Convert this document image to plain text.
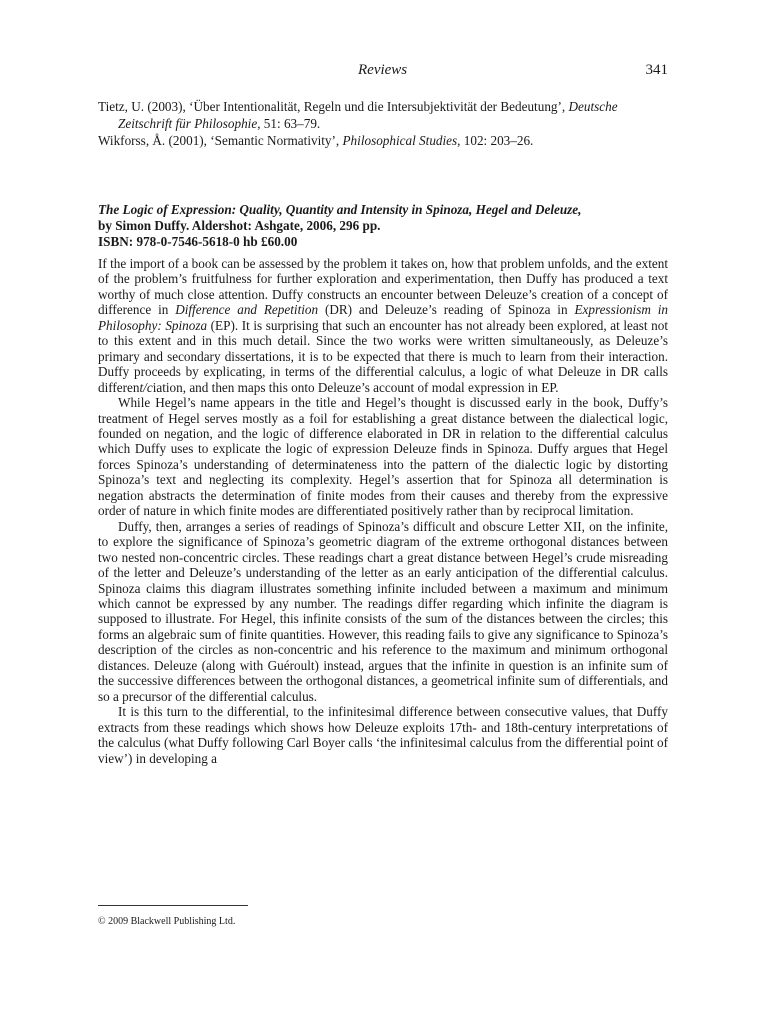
Reviews	341

Tietz, U. (2003), ‘Über Intentionalität, Regeln und die Intersubjektivität der Bedeutung’, Deutsche Zeitschrift für Philosophie, 51: 63–79.

Wikforss, Å. (2001), ‘Semantic Normativity’, Philosophical Studies, 102: 203–26.

The Logic of Expression: Quality, Quantity and Intensity in Spinoza, Hegel and Deleuze,
by Simon Duffy. Aldershot: Ashgate, 2006, 296 pp.
ISBN: 978-0-7546-5618-0 hb £60.00

If the import of a book can be assessed by the problem it takes on, how that problem unfolds, and the extent of the problem’s fruitfulness for further exploration and experimentation, then Duffy has produced a text worthy of much close attention. Duffy constructs an encounter between Deleuze’s creation of a concept of difference in Difference and Repetition (DR) and Deleuze’s reading of Spinoza in Expressionism in Philosophy: Spinoza (EP). It is surprising that such an encounter has not already been explored, at least not to this extent and in this much detail. Since the two works were written simultaneously, as Deleuze’s primary and secondary dissertations, it is to be expected that there is much to learn from their interaction. Duffy proceeds by explicating, in terms of the differential calculus, a logic of what Deleuze in DR calls different/ciation, and then maps this onto Deleuze’s account of modal expression in EP.

While Hegel’s name appears in the title and Hegel’s thought is discussed early in the book, Duffy’s treatment of Hegel serves mostly as a foil for establishing a great distance between the dialectical logic, founded on negation, and the logic of difference elaborated in DR in relation to the differential calculus which Duffy uses to explicate the logic of expression Deleuze finds in Spinoza. Duffy argues that Hegel forces Spinoza’s understanding of determinateness into the pattern of the dialectic logic by distorting Spinoza’s text and neglecting its complexity. Hegel’s assertion that for Spinoza all determination is negation abstracts the determination of finite modes from their causes and thereby from the expressive order of nature in which finite modes are differentiated positively rather than by reciprocal limitation.

Duffy, then, arranges a series of readings of Spinoza’s difficult and obscure Letter XII, on the infinite, to explore the significance of Spinoza’s geometric diagram of the extreme orthogonal distances between two nested non-concentric circles. These readings chart a great distance between Hegel’s crude misreading of the letter and Deleuze’s understanding of the letter as an early anticipation of the differential calculus. Spinoza claims this diagram illustrates something infinite included between a maximum and minimum which cannot be expressed by any number. The readings differ regarding which infinite the diagram is supposed to illustrate. For Hegel, this infinite consists of the sum of the distances between the circles; this forms an algebraic sum of finite quantities. However, this reading fails to give any significance to Spinoza’s description of the circles as non-concentric and his reference to the maximum and minimum orthogonal distances. Deleuze (along with Guéroult) instead, argues that the infinite in question is an infinite sum of the successive differences between the orthogonal distances, a geometrical infinite sum of differentials, and so a precursor of the differential calculus.

It is this turn to the differential, to the infinitesimal difference between consecutive values, that Duffy extracts from these readings which shows how Deleuze exploits 17th- and 18th-century interpretations of the calculus (what Duffy following Carl Boyer calls ‘the infinitesimal calculus from the differential point of view’) in developing a

© 2009 Blackwell Publishing Ltd.
